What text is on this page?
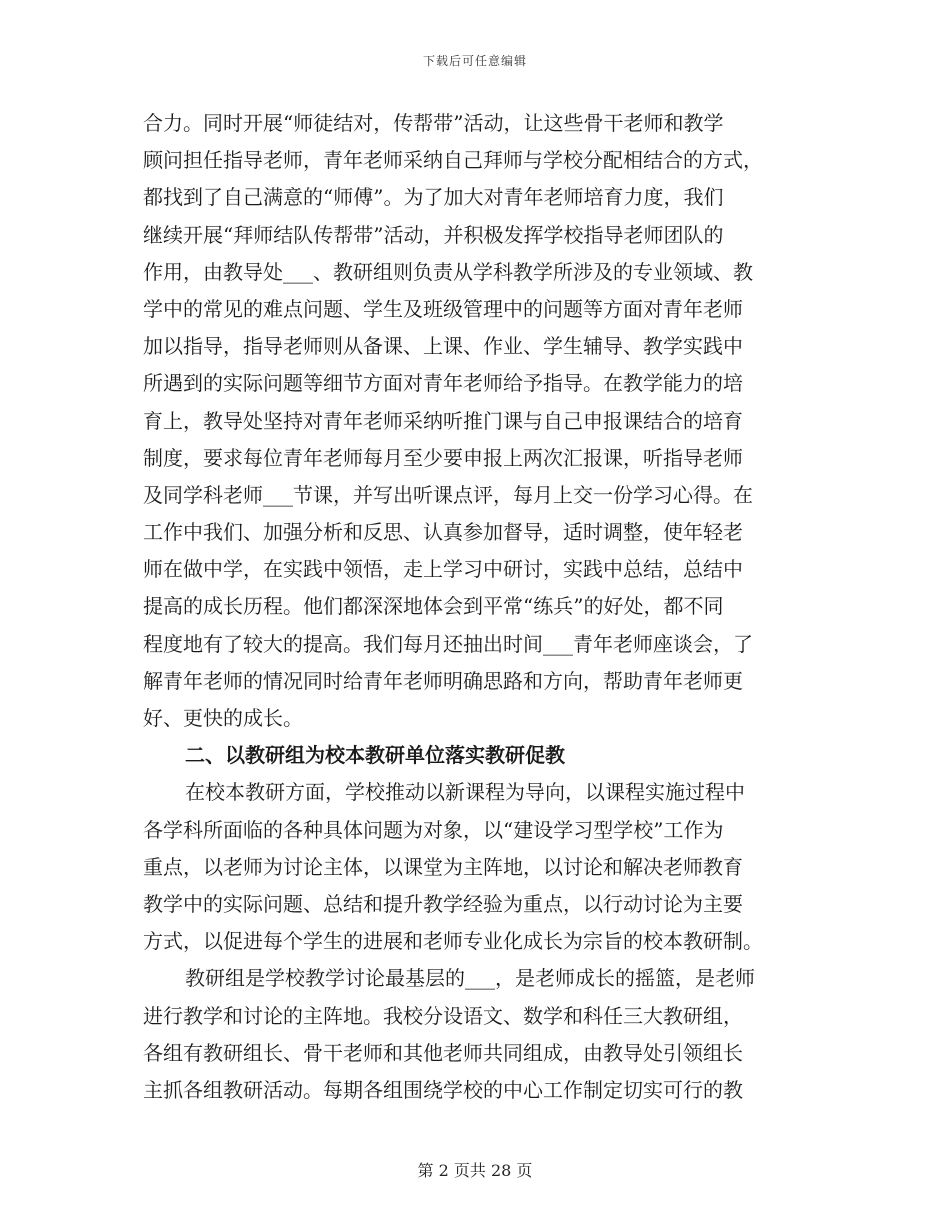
下载后可任意编辑
合力。同时开展“师徒结对，传帮带”活动，让这些骨干老师和教学
顾问担任指导老师，青年老师采纳自己拜师与学校分配相结合的方式，
都找到了自己满意的“师傅”。为了加大对青年老师培育力度，我们
继续开展“拜师结队传帮带”活动，并积极发挥学校指导老师团队的
作用，由教导处___、教研组则负责从学科教学所涉及的专业领域、教
学中的常见的难点问题、学生及班级管理中的问题等方面对青年老师
加以指导，指导老师则从备课、上课、作业、学生辅导、教学实践中
所遇到的实际问题等细节方面对青年老师给予指导。在教学能力的培
育上，教导处坚持对青年老师采纳听推门课与自己申报课结合的培育
制度，要求每位青年老师每月至少要申报上两次汇报课，听指导老师
及同学科老师___节课，并写出听课点评，每月上交一份学习心得。在
工作中我们、加强分析和反思、认真参加督导，适时调整，使年轻老
师在做中学，在实践中领悟，走上学习中研讨，实践中总结，总结中
提高的成长历程。他们都深深地体会到平常“练兵”的好处，都不同
程度地有了较大的提高。我们每月还抽出时间___青年老师座谈会，了
解青年老师的情况同时给青年老师明确思路和方向，帮助青年老师更
好、更快的成长。
二、以教研组为校本教研单位落实教研促教
在校本教研方面，学校推动以新课程为导向，以课程实施过程中
各学科所面临的各种具体问题为对象，以“建设学习型学校”工作为
重点，以老师为讨论主体，以课堂为主阵地，以讨论和解决老师教育
教学中的实际问题、总结和提升教学经验为重点，以行动讨论为主要
方式，以促进每个学生的进展和老师专业化成长为宗旨的校本教研制。
教研组是学校教学讨论最基层的___，是老师成长的摇篮，是老师
进行教学和讨论的主阵地。我校分设语文、数学和科任三大教研组，
各组有教研组长、骨干老师和其他老师共同组成，由教导处引领组长
主抓各组教研活动。每期各组围绕学校的中心工作制定切实可行的教
第 2 页共 28 页
